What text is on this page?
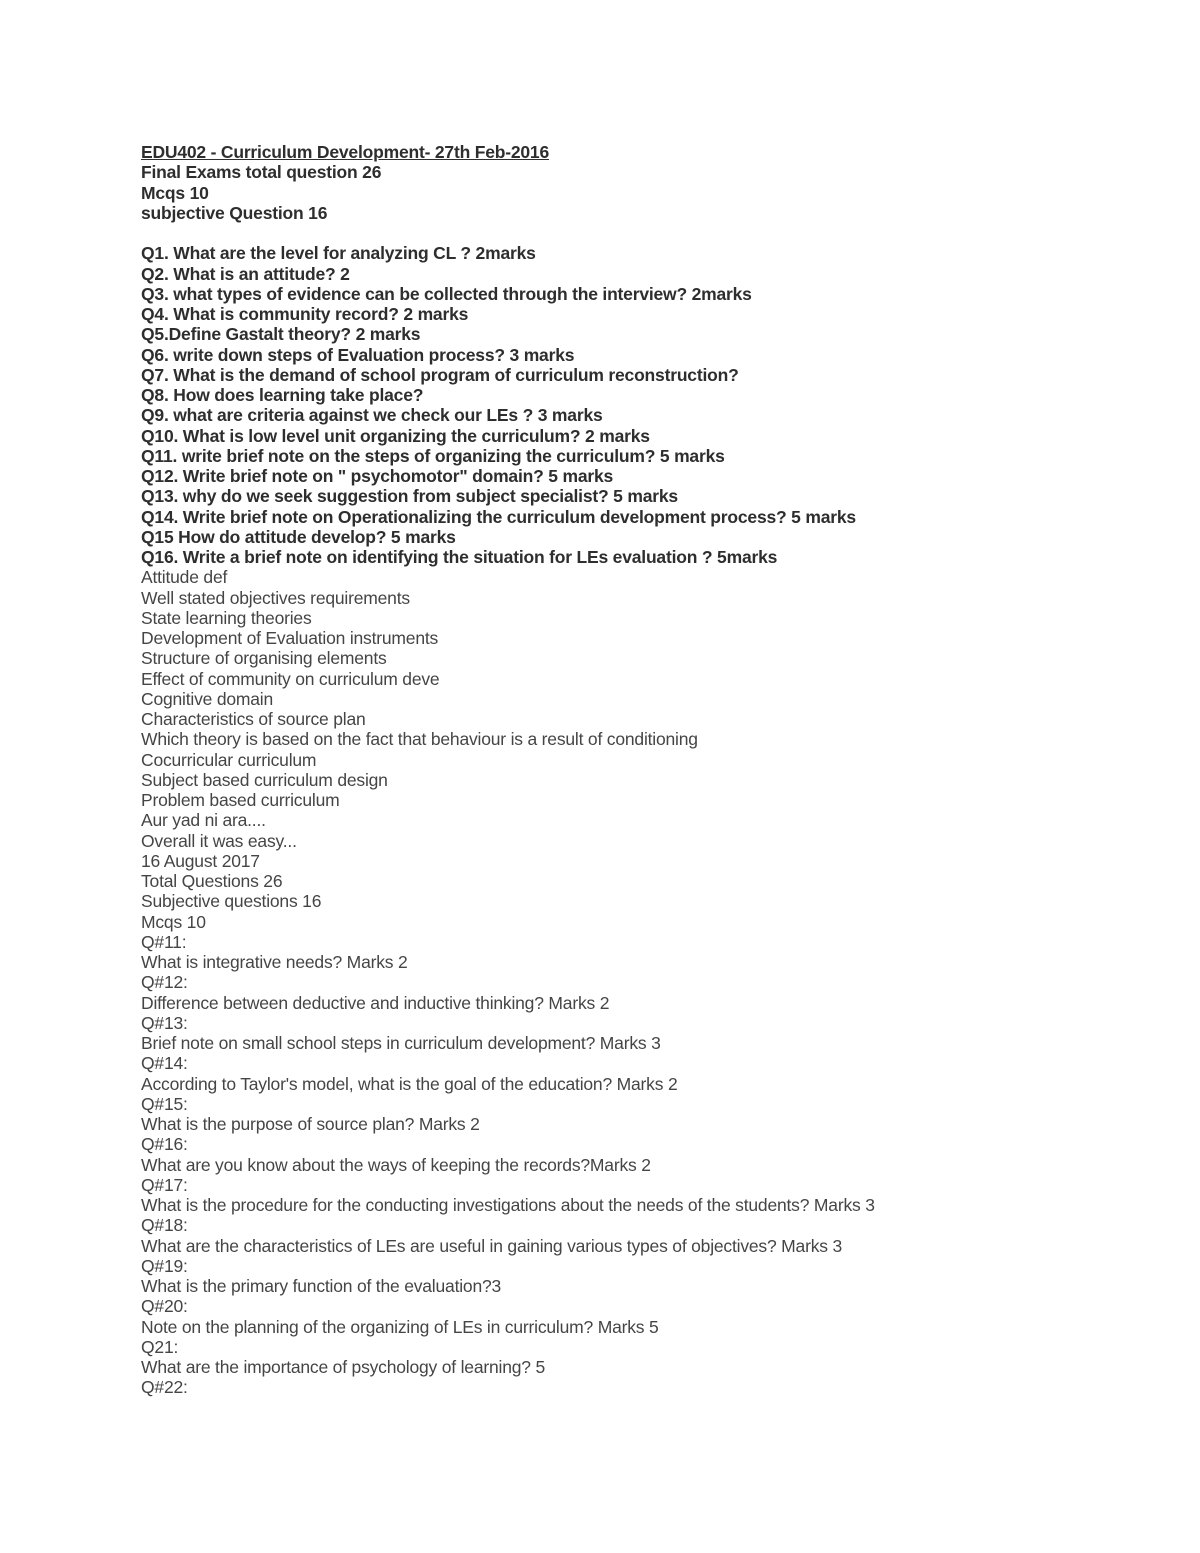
EDU402 - Curriculum Development- 27th Feb-2016
Final Exams total question 26
Mcqs 10
subjective Question 16
Q1. What are the level for analyzing CL ? 2marks
Q2. What is an attitude? 2
Q3. what types of evidence can be collected through the interview? 2marks
Q4. What is community record? 2 marks
Q5.Define Gastalt theory? 2 marks
Q6. write down steps of Evaluation process? 3 marks
Q7. What is the demand of school program of curriculum reconstruction?
Q8. How does learning take place?
Q9. what are criteria against we check our LEs ? 3 marks
Q10. What is low level unit organizing the curriculum? 2 marks
Q11. write brief note on the steps of organizing the curriculum? 5 marks
Q12. Write brief note on " psychomotor" domain? 5 marks
Q13. why do we seek suggestion from subject specialist? 5 marks
Q14. Write brief note on Operationalizing the curriculum development process? 5 marks
Q15 How do attitude develop? 5 marks
Q16. Write a brief note on identifying the situation for LEs evaluation ? 5marks
Attitude def
Well stated objectives requirements
State learning theories
Development of Evaluation instruments
Structure of organising elements
Effect of community on curriculum deve
Cognitive domain
Characteristics of source plan
Which theory is based on the fact that behaviour is a result of conditioning
Cocurricular curriculum
Subject based curriculum design
Problem based curriculum
Aur yad ni ara....
Overall it was easy...
16 August 2017
Total Questions 26
Subjective questions 16
Mcqs 10
Q#11:
What is integrative needs? Marks 2
Q#12:
Difference between deductive and inductive thinking? Marks 2
Q#13:
Brief note on small school steps in curriculum development? Marks 3
Q#14:
According to Taylor's model, what is the goal of the education? Marks 2
Q#15:
What is the purpose of source plan? Marks 2
Q#16:
What are you know about the ways of keeping the records?Marks 2
Q#17:
What is the procedure for the conducting investigations about the needs of the students? Marks 3
Q#18:
What are the characteristics of LEs are useful in gaining various types of objectives? Marks 3
Q#19:
What is the primary function of the evaluation?3
Q#20:
Note on the planning of the organizing of LEs in curriculum? Marks 5
Q21:
What are the importance of psychology of learning? 5
Q#22:
